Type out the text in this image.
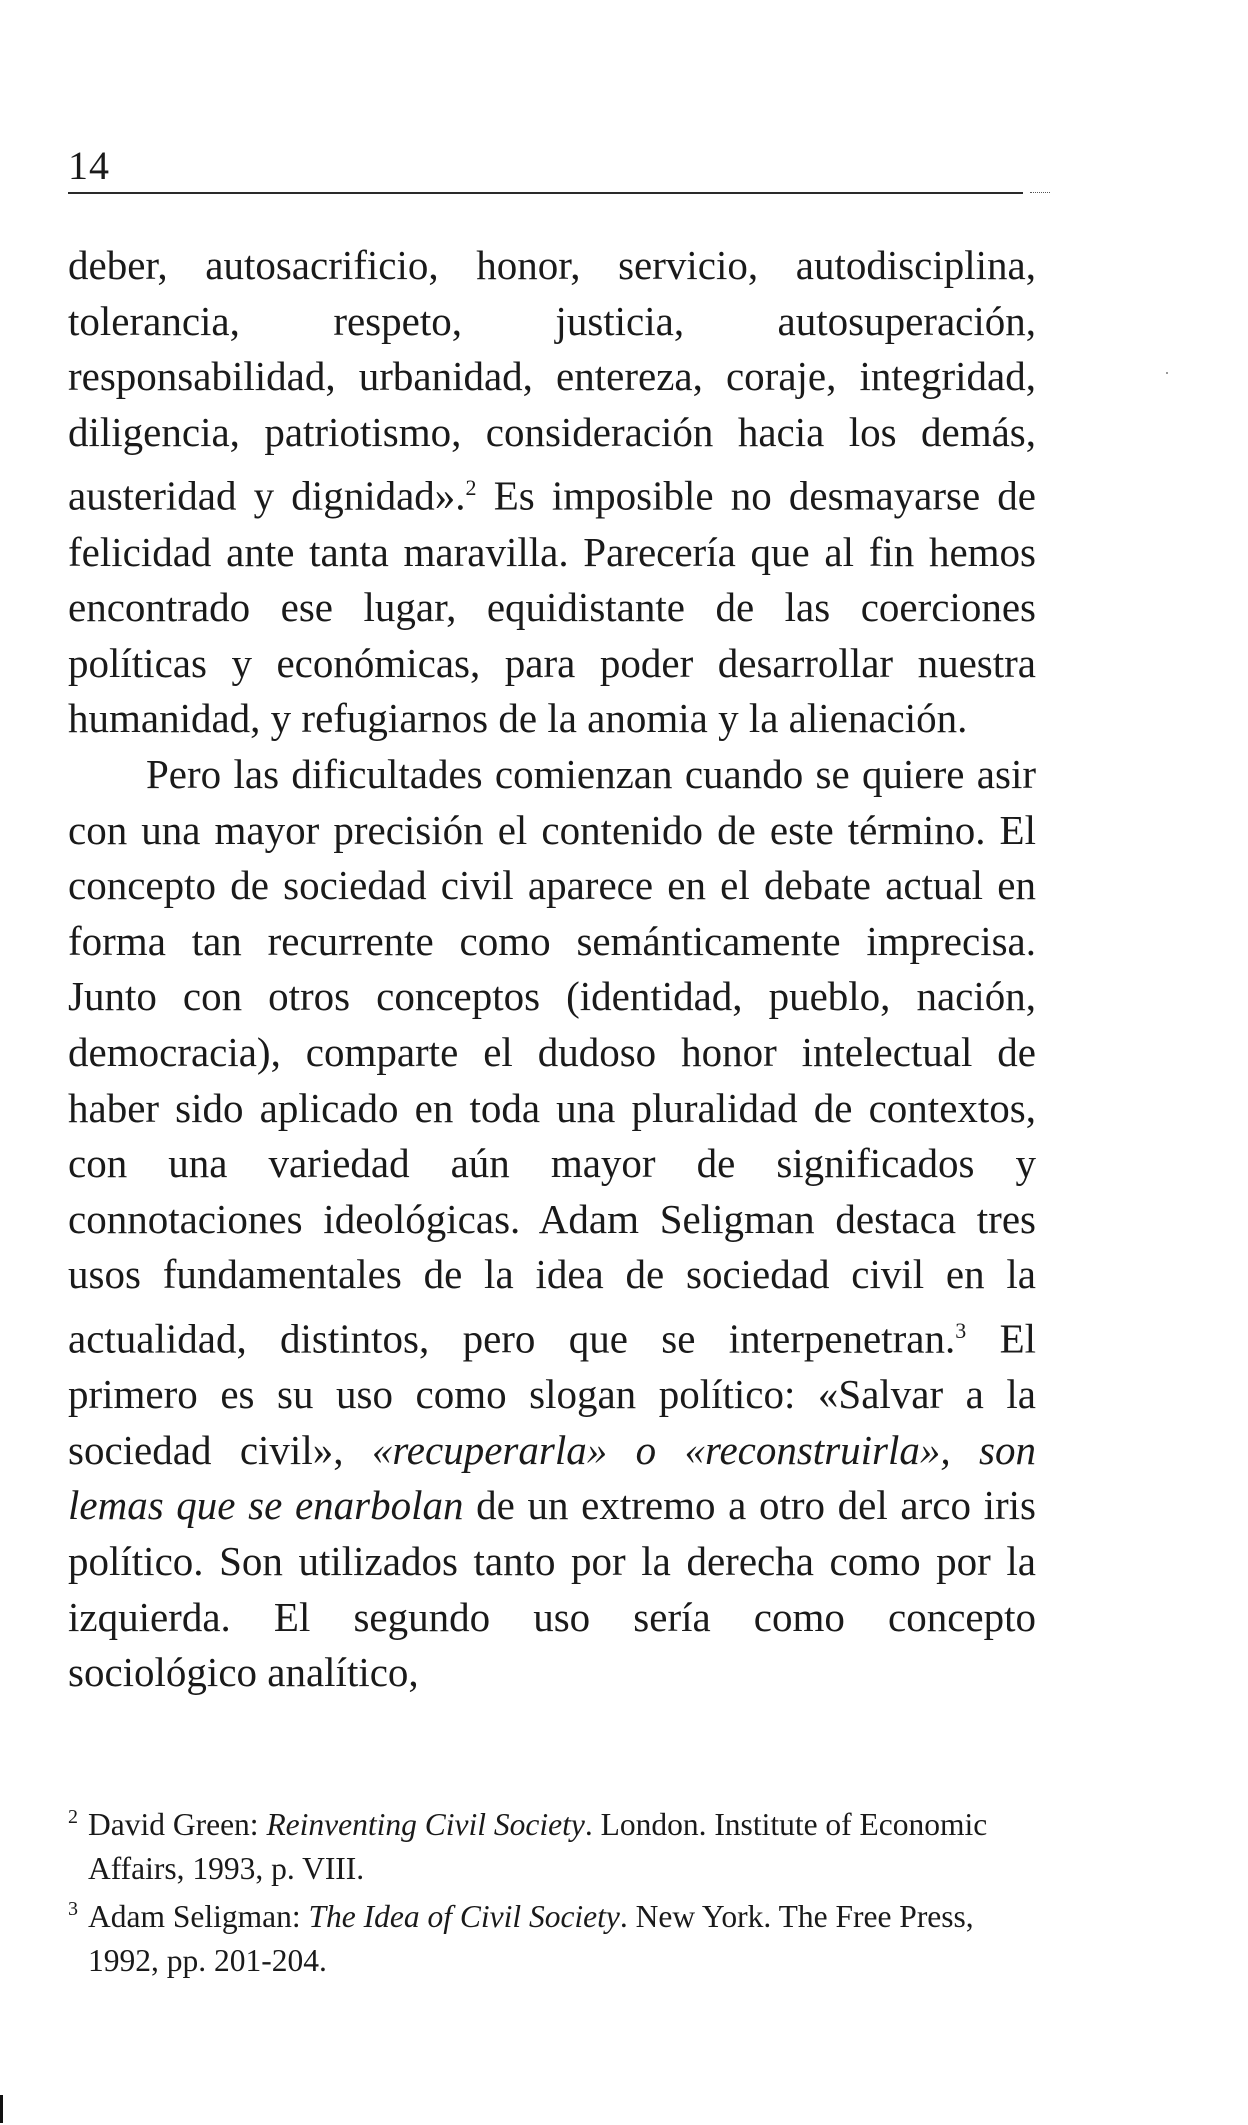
14

deber, autosacrificio, honor, servicio, autodisciplina, tolerancia, respeto, justicia, autosuperación, responsabilidad, urbanidad, entereza, coraje, integridad, diligencia, patriotismo, consideración hacia los demás, austeridad y dignidad».$^2$ Es imposible no desmayarse de felicidad ante tanta maravilla. Parecería que al fin hemos encontrado ese lugar, equidistante de las coerciones políticas y económicas, para poder desarrollar nuestra humanidad, y refugiarnos de la anomia y la alienación.

Pero las dificultades comienzan cuando se quiere asir con una mayor precisión el contenido de este término. El concepto de sociedad civil aparece en el debate actual en forma tan recurrente como semánticamente imprecisa. Junto con otros conceptos (identidad, pueblo, nación, democracia), comparte el dudoso honor intelectual de haber sido aplicado en toda una pluralidad de contextos, con una variedad aún mayor de significados y connotaciones ideológicas. Adam Seligman destaca tres usos fundamentales de la idea de sociedad civil en la actualidad, distintos, pero que se interpenetran.$^3$ El primero es su uso como slogan político: «Salvar a la sociedad civil», «recuperarla» o «reconstruirla», son lemas que se enarbolan de un extremo a otro del arco iris político. Son utilizados tanto por la derecha como por la izquierda. El segundo uso sería como concepto sociológico analítico,

2 David Green: Reinventing Civil Society. London. Institute of Economic Affairs, 1993, p. VIII.
3 Adam Seligman: The Idea of Civil Society. New York. The Free Press, 1992, pp. 201-204.
